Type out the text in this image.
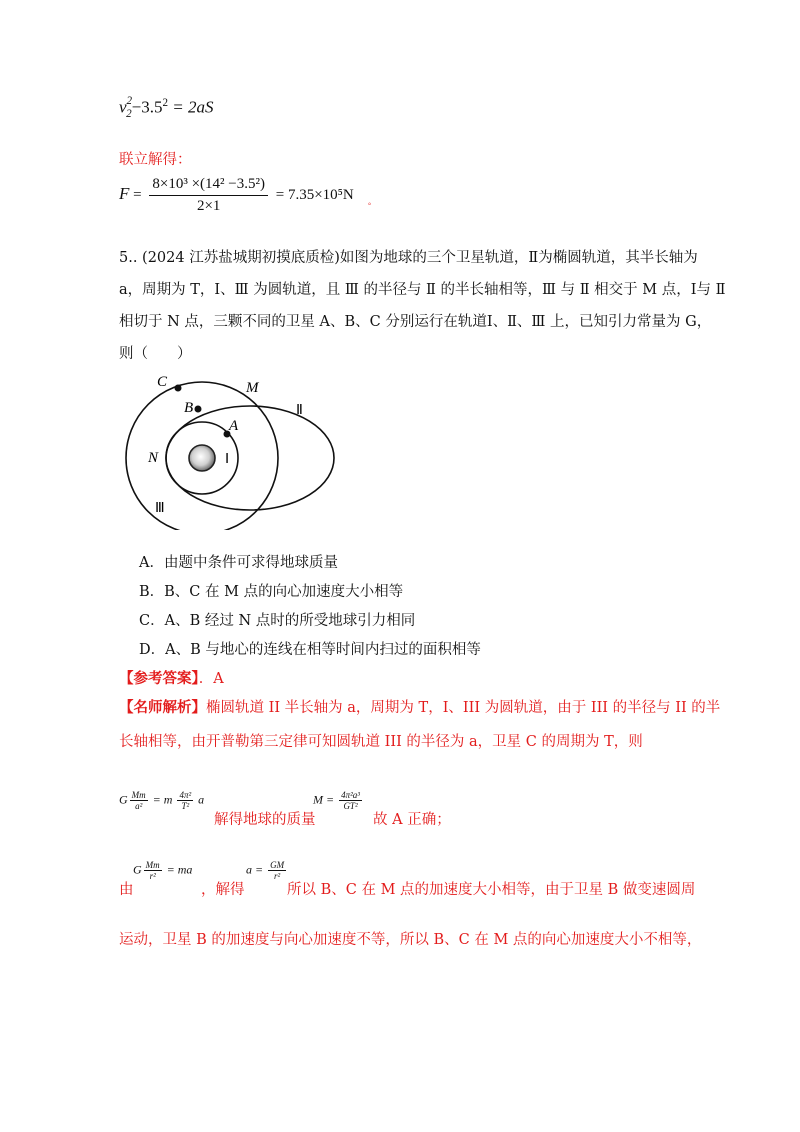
$v^2_2-3.5^2 = 2aS$
联立解得：
$F = \frac{\text{8×10³ ×(14² −3.5²)}}{2\times 1} = 7.35\times 10^5N_◦$
5.. (2024 江苏盐城期初摸底质检)如图为地球的三个卫星轨道，Ⅱ为椭圆轨道，其半长轴为
a，周期为 T，Ⅰ、Ⅲ 为圆轨道，且 Ⅲ 的半径与 Ⅱ 的半长轴相等，Ⅲ 与 Ⅱ 相交于 M 点，Ⅰ与 Ⅱ
相切于 N 点，三颗不同的卫星 A、B、C 分别运行在轨道Ⅰ、Ⅱ、Ⅲ 上，已知引力常量为 G，
则（　　）
C	M
Ⅱ
B
A
N	Ⅰ
Ⅲ
A．由题中条件可求得地球质量
B．B、C 在 M 点的向心加速度大小相等
C．A、B 经过 N 点时的所受地球引力相同
D．A、B 与地心的连线在相等时间内扫过的面积相等
【参考答案】．A
【名师解析】椭圆轨道 II 半长轴为 a，周期为 T，I、III 为圆轨道，由于 III 的半径与 II 的半
长轴相等，由开普勒第三定律可知圆轨道 III 的半径为 a，卫星 C 的周期为 T，则
G $\frac{Mm}{\text{a²}} = m \frac{\text{4π²}}{\text{T²}}$ a
解得地球的质量
$M = \frac{\text{4π²a³}}{\text{GT²}}$
故 A 正确；
G $\frac{Mm}{\text{r²}}$ = ma	$a = \frac{GM}{\text{r²}}$
由	，解得	所以 B、C 在 M 点的加速度大小相等，由于卫星 B 做变速圆周
运动，卫星 B 的加速度与向心加速度不等，所以 B、C 在 M 点的向心加速度大小不相等，
